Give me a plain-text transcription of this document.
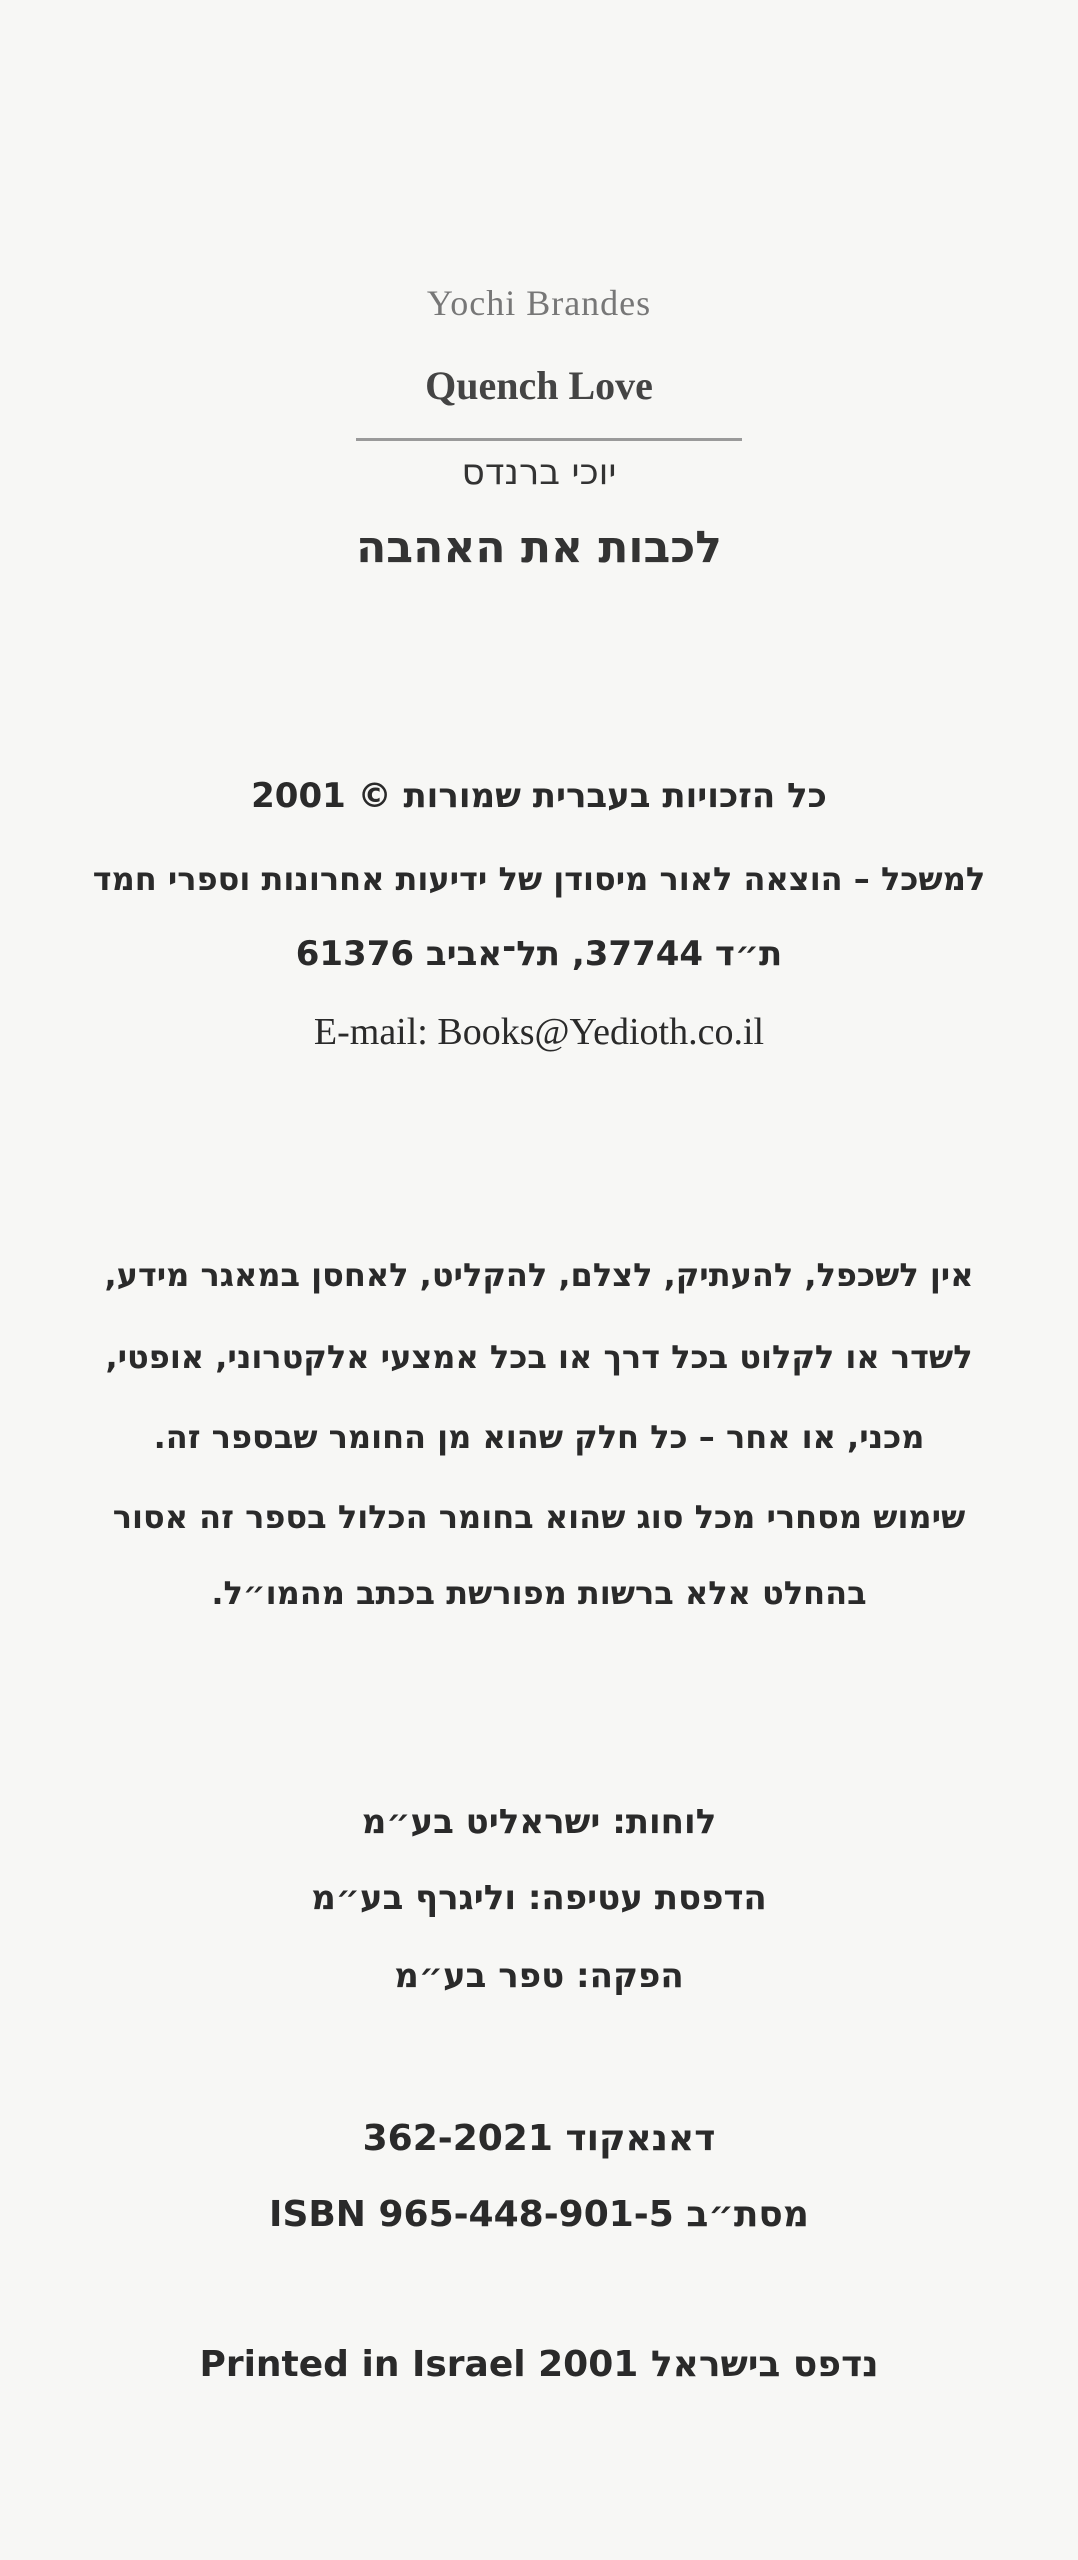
Yochi Brandes
Quench Love
יוכי ברנדס
לכבות את האהבה
כל הזכויות בעברית שמורות © 2001
למשכל – הוצאה לאור מיסודן של ידיעות אחרונות וספרי חמד
ת״ד 37744, תל־אביב 61376
E-mail: Books@Yedioth.co.il
אין לשכפל, להעתיק, לצלם, להקליט, לאחסן במאגר מידע,
לשדר או לקלוט בכל דרך או בכל אמצעי אלקטרוני, אופטי,
מכני, או אחר – כל חלק שהוא מן החומר שבספר זה.
שימוש מסחרי מכל סוג שהוא בחומר הכלול בספר זה אסור
בהחלט אלא ברשות מפורשת בכתב מהמו״ל.
לוחות: ישראליט בע״מ
הדפסת עטיפה: וליגרף בע״מ
הפקה: טפר בע״מ
דאנאקוד 362-2021
ISBN 965-448-901-5 מסת״ב
Printed in Israel 2001 נדפס בישראל
